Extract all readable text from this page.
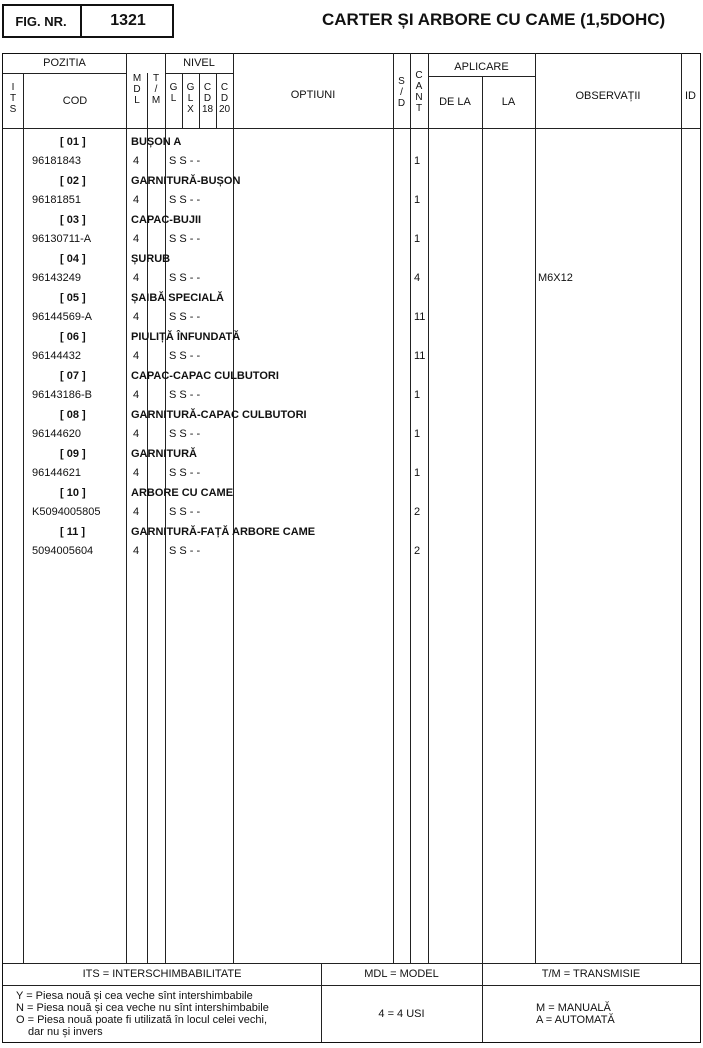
FIG. NR.	1321	CARTER ȘI ARBORE CU CAME (1,5DOHC)
POZITIA
I
T
S
COD
M
D
L
T
/
M
NIVEL
G
L
G
L
X
C
D
18
C
D
20
OPTIUNI
S
/
D
C
A
N
T
APLICARE
DE LA	LA	OBSERVAȚII	ID
[ 01 ]	BUȘON A
96181843	4	S S - -	1
[ 02 ]	GARNITURĂ-BUȘON
96181851	4	S S - -	1
[ 03 ]	CAPAC-BUJII
96130711-A	4	S S - -	1
[ 04 ]	ȘURUB
96143249	4	S S - -	4	M6X12
[ 05 ]	ȘAIBĂ SPECIALĂ
96144569-A	4	S S - -	11
[ 06 ]	PIULIȚĂ ÎNFUNDATĂ
96144432	4	S S - -	11
[ 07 ]	CAPAC-CAPAC CULBUTORI
96143186-B	4	S S - -	1
[ 08 ]	GARNITURĂ-CAPAC CULBUTORI
96144620	4	S S - -	1
[ 09 ]	GARNITURĂ
96144621	4	S S - -	1
[ 10 ]	ARBORE CU CAME
K5094005805	4	S S - -	2
[ 11 ]	GARNITURĂ-FAȚĂ ARBORE CAME
5094005604	4	S S - -	2
ITS = INTERSCHIMBABILITATE
Y = Piesa nouă și cea veche sînt intershimbabile
N = Piesa nouă și cea veche nu sînt intershimbabile
O = Piesa nouă poate fi utilizată în locul celei vechi,
dar nu și invers
MDL = MODEL
4 = 4 USI
T/M = TRANSMISIE
M = MANUALĂ
A = AUTOMATĂ
